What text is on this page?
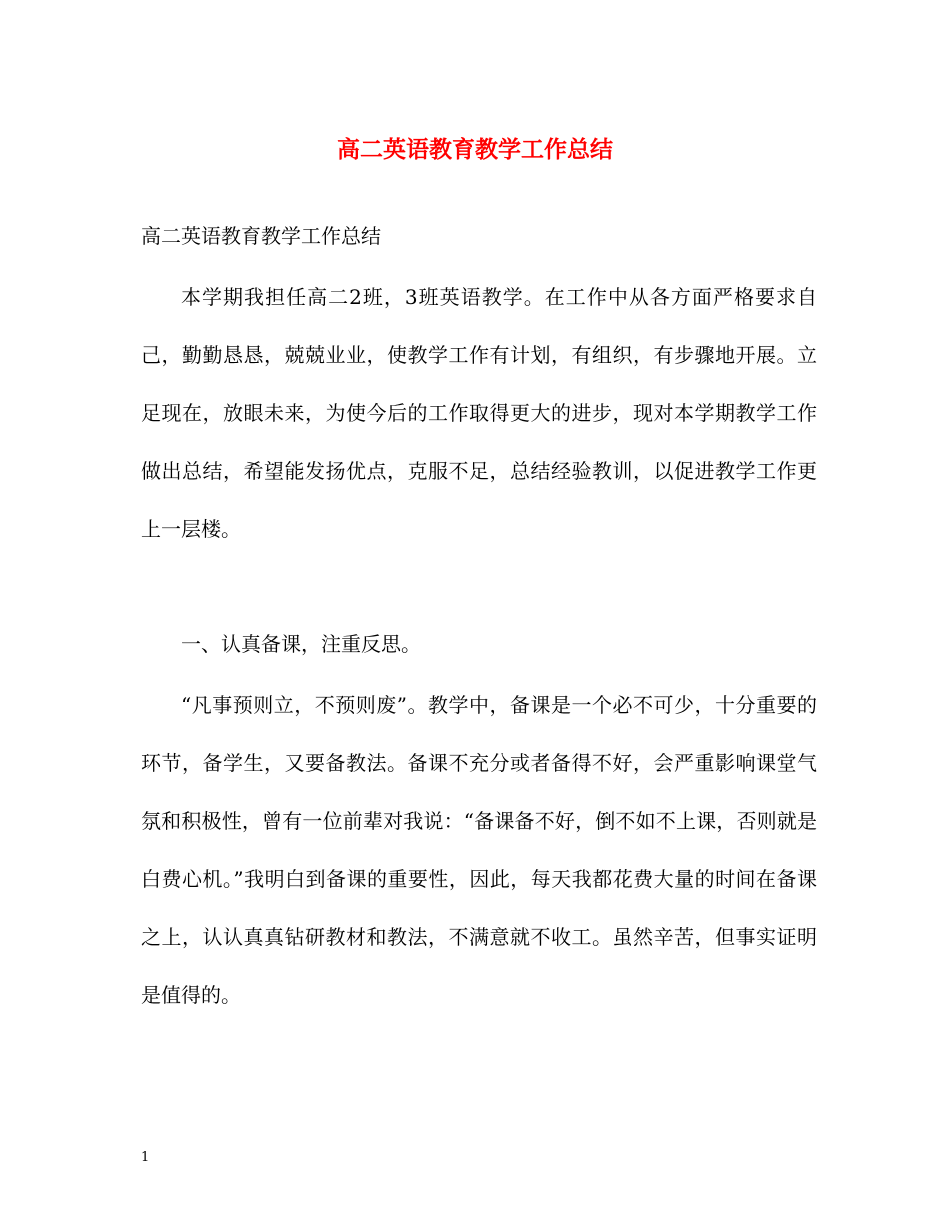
高二英语教育教学工作总结
高二英语教育教学工作总结

本学期我担任高二2班，3班英语教学。在工作中从各方面严格要求自己，勤勤恳恳，兢兢业业，使教学工作有计划，有组织，有步骤地开展。立足现在，放眼未来，为使今后的工作取得更大的进步，现对本学期教学工作做出总结，希望能发扬优点，克服不足，总结经验教训，以促进教学工作更上一层楼。

一、认真备课，注重反思。

“凡事预则立，不预则废”。教学中，备课是一个必不可少，十分重要的环节，备学生，又要备教法。备课不充分或者备得不好，会严重影响课堂气氛和积极性，曾有一位前辈对我说：“备课备不好，倒不如不上课，否则就是白费心机。”我明白到备课的重要性，因此，每天我都花费大量的时间在备课之上，认认真真钻研教材和教法，不满意就不收工。虽然辛苦，但事实证明是值得的。

1
